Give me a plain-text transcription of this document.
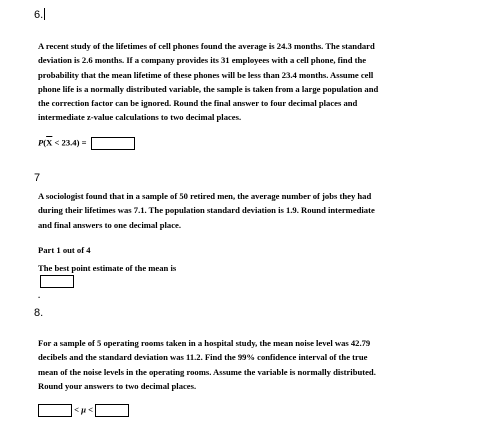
6.

A recent study of the lifetimes of cell phones found the average is 24.3 months. The standard
deviation is 2.6 months. If a company provides its 31 employees with a cell phone, find the
probability that the mean lifetime of these phones will be less than 23.4 months. Assume cell
phone life is a normally distributed variable, the sample is taken from a large population and
the correction factor can be ignored. Round the final answer to four decimal places and
intermediate z-value calculations to two decimal places.

$P(\overline{X} < 23.4)$ =
7

A sociologist found that in a sample of 50 retired men, the average number of jobs they had
during their lifetimes was 7.1. The population standard deviation is 1.9. Round intermediate
and final answers to one decimal place.

Part 1 out of 4
The best point estimate of the mean is
.
8.

For a sample of 5 operating rooms taken in a hospital study, the mean noise level was 42.79
decibels and the standard deviation was 11.2. Find the 99% confidence interval of the true
mean of the noise levels in the operating rooms. Assume the variable is normally distributed.
Round your answers to two decimal places.

< μ <
